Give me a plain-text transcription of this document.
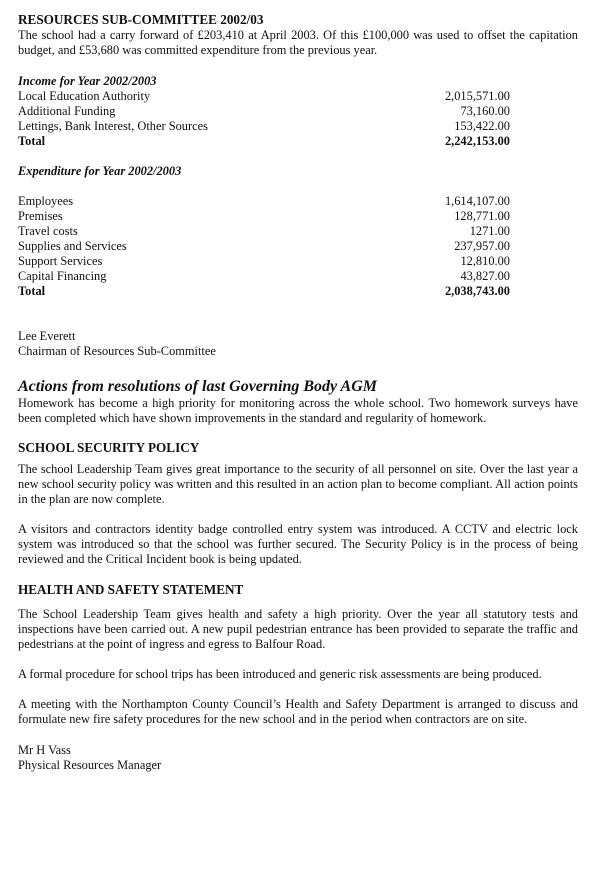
RESOURCES SUB-COMMITTEE 2002/03

The school had a carry forward of £203,410 at April 2003. Of this £100,000 was used to offset the capitation budget, and £53,680 was committed expenditure from the previous year.

Income for Year 2002/2003

Local Education Authority	2,015,571.00
Additional Funding	73,160.00
Lettings, Bank Interest, Other Sources	153,422.00
Total	2,242,153.00

Expenditure for Year 2002/2003

Employees	1,614,107.00
Premises	128,771.00
Travel costs	1271.00
Supplies and Services	237,957.00
Support Services	12,810.00
Capital Financing	43,827.00
Total	2,038,743.00

Lee Everett

Chairman of Resources Sub-Committee

Actions from resolutions of last Governing Body AGM

Homework has become a high priority for monitoring across the whole school. Two homework surveys have been completed which have shown improvements in the standard and regularity of homework.

SCHOOL SECURITY POLICY

The school Leadership Team gives great importance to the security of all personnel on site. Over the last year a new school security policy was written and this resulted in an action plan to become compliant. All action points in the plan are now complete.

A visitors and contractors identity badge controlled entry system was introduced. A CCTV and electric lock system was introduced so that the school was further secured. The Security Policy is in the process of being reviewed and the Critical Incident book is being updated.

HEALTH AND SAFETY STATEMENT

The School Leadership Team gives health and safety a high priority. Over the year all statutory tests and inspections have been carried out. A new pupil pedestrian entrance has been provided to separate the traffic and pedestrians at the point of ingress and egress to Balfour Road.

A formal procedure for school trips has been introduced and generic risk assessments are being produced.

A meeting with the Northampton County Council’s Health and Safety Department is arranged to discuss and formulate new fire safety procedures for the new school and in the period when contractors are on site.

Mr H Vass

Physical Resources Manager
